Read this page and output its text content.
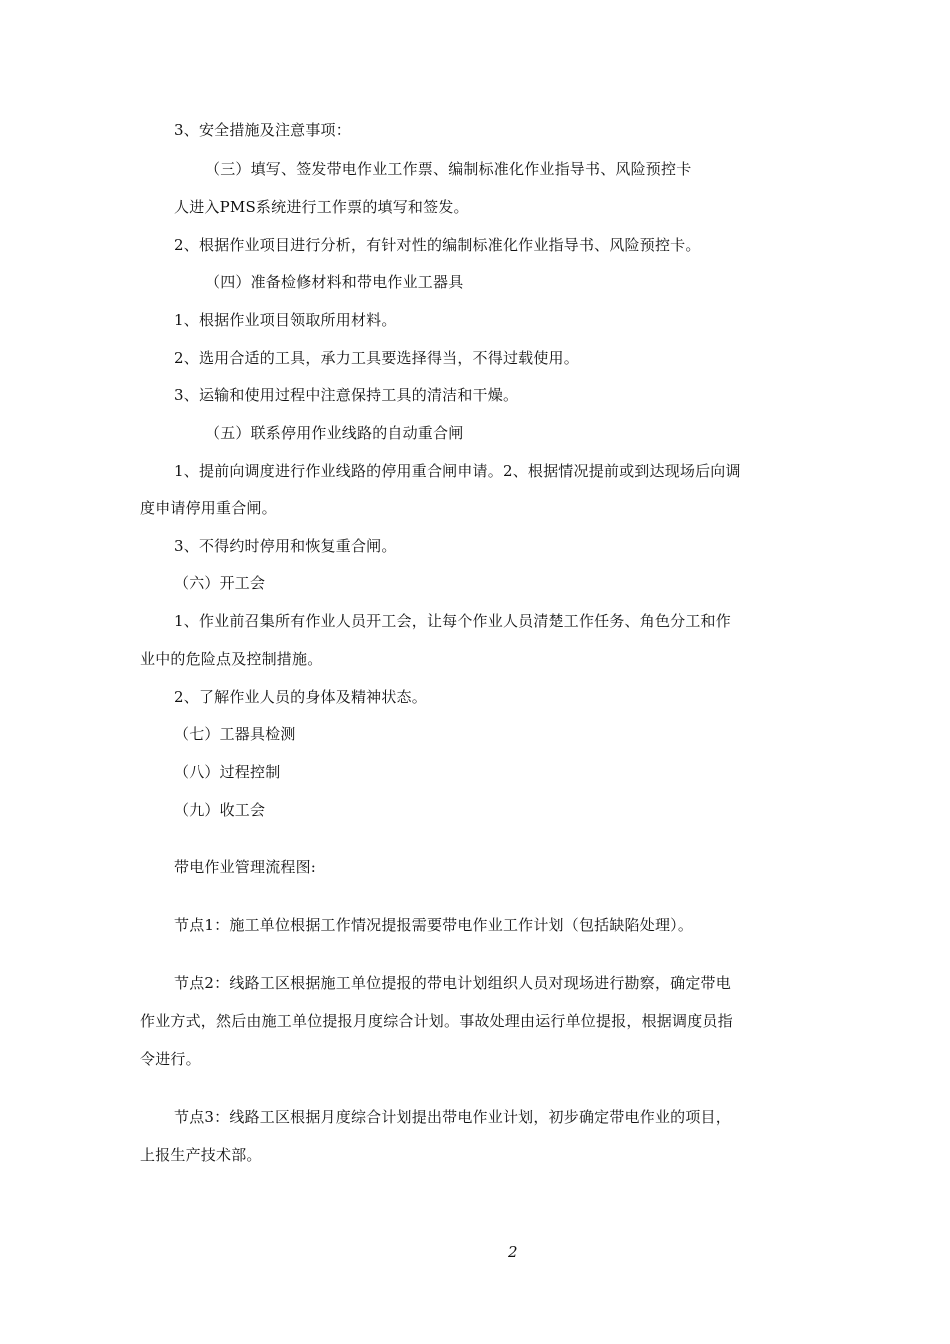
3、安全措施及注意事项：
（三）填写、签发带电作业工作票、编制标准化作业指导书、风险预控卡
人进入PMS系统进行工作票的填写和签发。
2、根据作业项目进行分析，有针对性的编制标准化作业指导书、风险预控卡。
（四）准备检修材料和带电作业工器具
1、根据作业项目领取所用材料。
2、选用合适的工具，承力工具要选择得当，不得过载使用。
3、运输和使用过程中注意保持工具的清洁和干燥。
（五）联系停用作业线路的自动重合闸
1、提前向调度进行作业线路的停用重合闸申请。2、根据情况提前或到达现场后向调
度申请停用重合闸。
3、不得约时停用和恢复重合闸。
（六）开工会
1、作业前召集所有作业人员开工会，让每个作业人员清楚工作任务、角色分工和作
业中的危险点及控制措施。
2、了解作业人员的身体及精神状态。
（七）工器具检测
（八）过程控制
（九）收工会
带电作业管理流程图:
节点1：施工单位根据工作情况提报需要带电作业工作计划（包括缺陷处理）。
节点2：线路工区根据施工单位提报的带电计划组织人员对现场进行勘察，确定带电
作业方式，然后由施工单位提报月度综合计划。事故处理由运行单位提报，根据调度员指
令进行。
节点3：线路工区根据月度综合计划提出带电作业计划，初步确定带电作业的项目，
上报生产技术部。
2
